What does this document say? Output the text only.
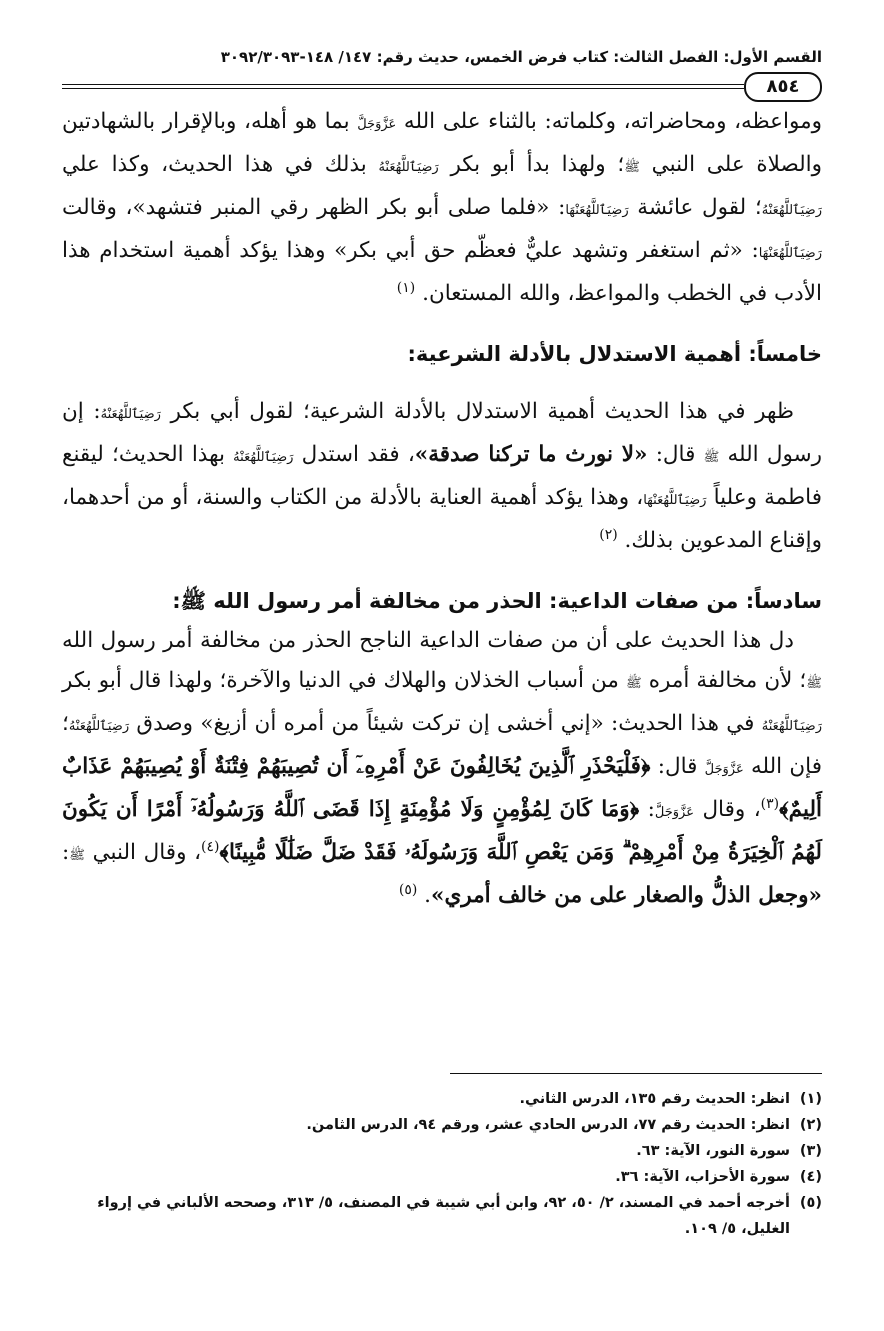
القسم الأول: الفصل الثالث: كتاب فرض الخمس، حديث رقم: ١٤٧/ ١٤٨-٣٠٩٢/٣٠٩٣
٨٥٤

ومواعظه، ومحاضراته، وكلماته: بالثناء على الله عَزَّوَجَلَّ بما هو أهله، وبالإقرار بالشهادتين والصلاة على النبي ﷺ؛ ولهذا بدأ أبو بكر رَضِيَٱللَّهُعَنْهُ بذلك في هذا الحديث، وكذا علي رَضِيَٱللَّهُعَنْهُ؛ لقول عائشة رَضِيَٱللَّهُعَنْهَا: «فلما صلى أبو بكر الظهر رقي المنبر فتشهد»، وقالت رَضِيَٱللَّهُعَنْهَا: «ثم استغفر وتشهد عليٌّ فعظّم حق أبي بكر» وهذا يؤكد أهمية استخدام هذا الأدب في الخطب والمواعظ، والله المستعان. $^{(١)}$

خامساً: أهمية الاستدلال بالأدلة الشرعية:

ظهر في هذا الحديث أهمية الاستدلال بالأدلة الشرعية؛ لقول أبي بكر رَضِيَٱللَّهُعَنْهُ: إن رسول الله ﷺ قال: «لا نورث ما تركنا صدقة»، فقد استدل رَضِيَٱللَّهُعَنْهُ بهذا الحديث؛ ليقنع فاطمة وعلياً رَضِيَٱللَّهُعَنْهَا، وهذا يؤكد أهمية العناية بالأدلة من الكتاب والسنة، أو من أحدهما، وإقناع المدعوين بذلك. $^{(٢)}$

سادساً: من صفات الداعية: الحذر من مخالفة أمر رسول الله ﷺ:

دل هذا الحديث على أن من صفات الداعية الناجح الحذر من مخالفة أمر رسول الله ﷺ؛ لأن مخالفة أمره ﷺ من أسباب الخذلان والهلاك في الدنيا والآخرة؛ ولهذا قال أبو بكر رَضِيَٱللَّهُعَنْهُ في هذا الحديث: «إني أخشى إن تركت شيئاً من أمره أن أزيغ» وصدق رَضِيَٱللَّهُعَنْهُ؛ فإن الله عَزَّوَجَلَّ قال: ﴿فَلْيَحْذَرِ ٱلَّذِينَ يُخَالِفُونَ عَنْ أَمْرِهِۦٓ أَن تُصِيبَهُمْ فِتْنَةٌ أَوْ يُصِيبَهُمْ عَذَابٌ أَلِيمٌ﴾$^{(٣)}$، وقال عَزَّوَجَلَّ: ﴿وَمَا كَانَ لِمُؤْمِنٍ وَلَا مُؤْمِنَةٍ إِذَا قَضَى ٱللَّهُ وَرَسُولُهُۥٓ أَمْرًا أَن يَكُونَ لَهُمُ ٱلْخِيَرَةُ مِنْ أَمْرِهِمْ ۗ وَمَن يَعْصِ ٱللَّهَ وَرَسُولَهُۥ فَقَدْ ضَلَّ ضَلَٰلًا مُّبِينًا﴾$^{(٤)}$، وقال النبي ﷺ: «وجعل الذلُّ والصغار على من خالف أمري». $^{(٥)}$

(١)انظر: الحديث رقم ١٣٥، الدرس الثاني.

(٢)انظر: الحديث رقم ٧٧، الدرس الحادي عشر، ورقم ٩٤، الدرس الثامن.

(٣)سورة النور، الآية: ٦٣.

(٤)سورة الأحزاب، الآية: ٣٦.

(٥)أخرجه أحمد في المسند، ٢/ ٥٠، ٩٢، وابن أبي شيبة في المصنف، ٥/ ٣١٣، وصححه الألباني في إرواء الغليل، ٥/ ١٠٩.
